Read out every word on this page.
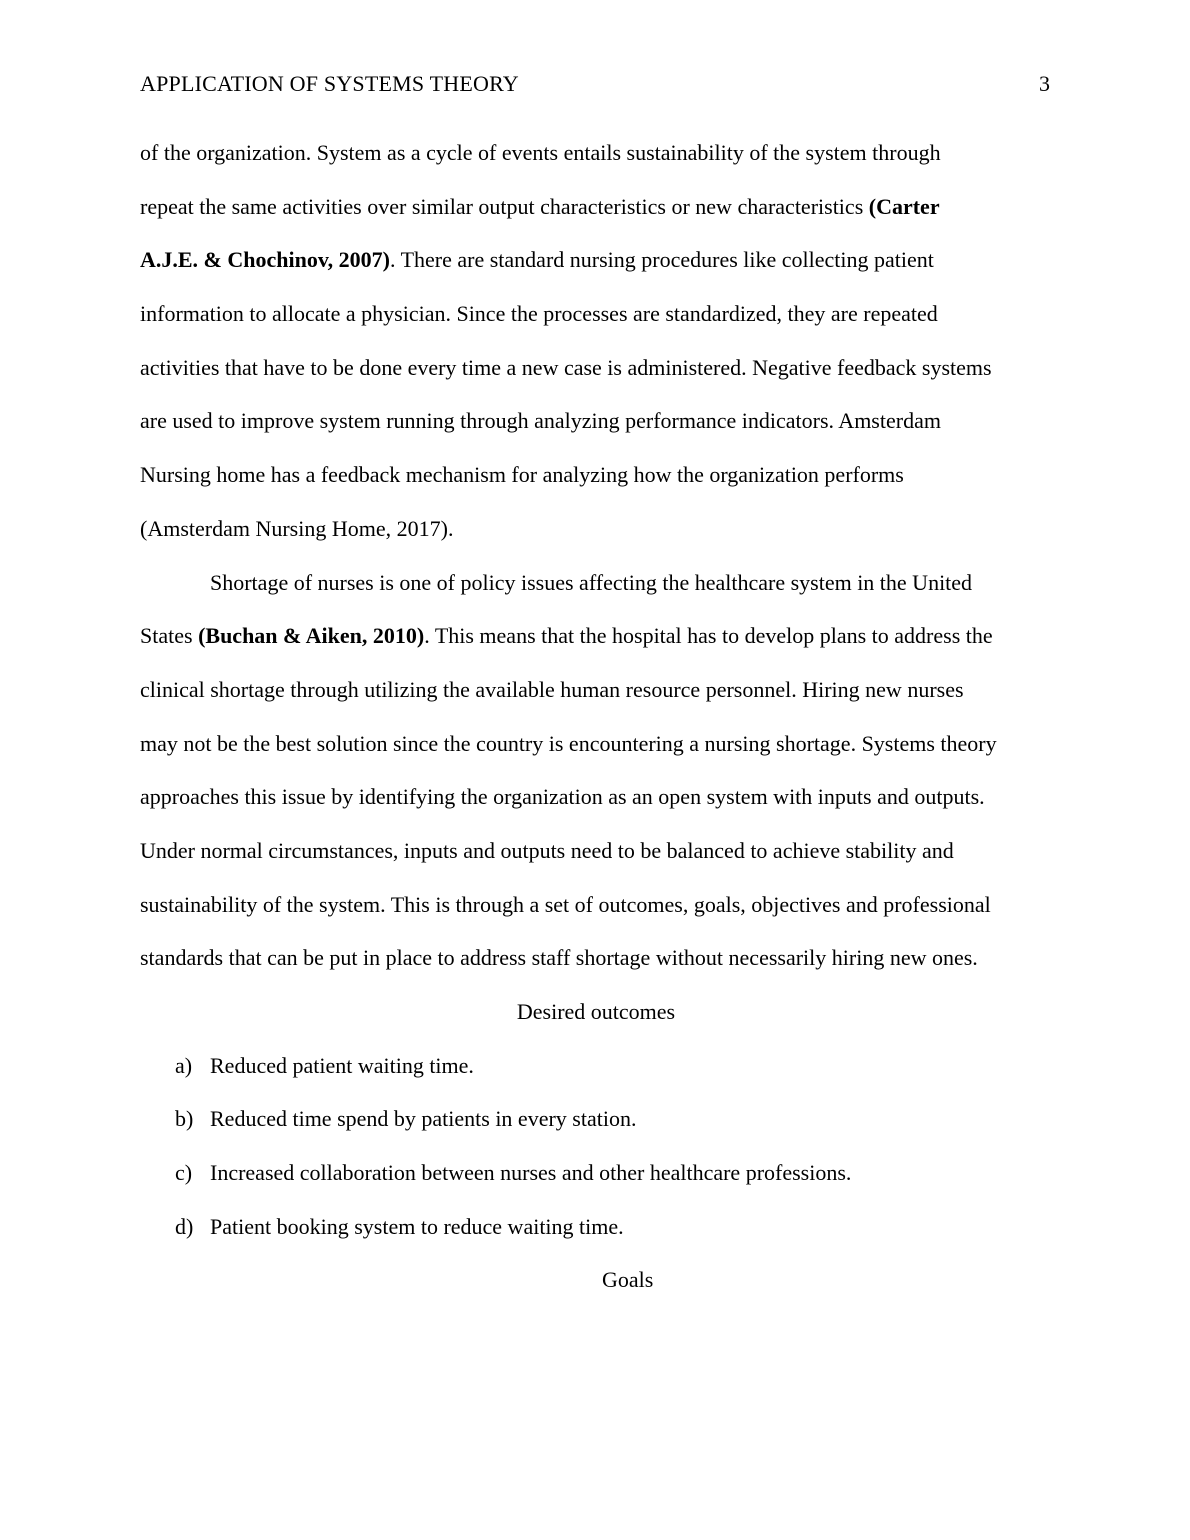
APPLICATION OF SYSTEMS THEORY	3
of the organization. System as a cycle of events entails sustainability of the system through
repeat the same activities over similar output characteristics or new characteristics (Carter
A.J.E. & Chochinov, 2007). There are standard nursing procedures like collecting patient
information to allocate a physician. Since the processes are standardized, they are repeated
activities that have to be done every time a new case is administered. Negative feedback systems
are used to improve system running through analyzing performance indicators. Amsterdam
Nursing home has a feedback mechanism for analyzing how the organization performs
(Amsterdam Nursing Home, 2017).
Shortage of nurses is one of policy issues affecting the healthcare system in the United
States (Buchan & Aiken, 2010). This means that the hospital has to develop plans to address the
clinical shortage through utilizing the available human resource personnel. Hiring new nurses
may not be the best solution since the country is encountering a nursing shortage. Systems theory
approaches this issue by identifying the organization as an open system with inputs and outputs.
Under normal circumstances, inputs and outputs need to be balanced to achieve stability and
sustainability of the system. This is through a set of outcomes, goals, objectives and professional
standards that can be put in place to address staff shortage without necessarily hiring new ones.
Desired outcomes
a) Reduced patient waiting time.
b) Reduced time spend by patients in every station.
c) Increased collaboration between nurses and other healthcare professions.
d) Patient booking system to reduce waiting time.
Goals
